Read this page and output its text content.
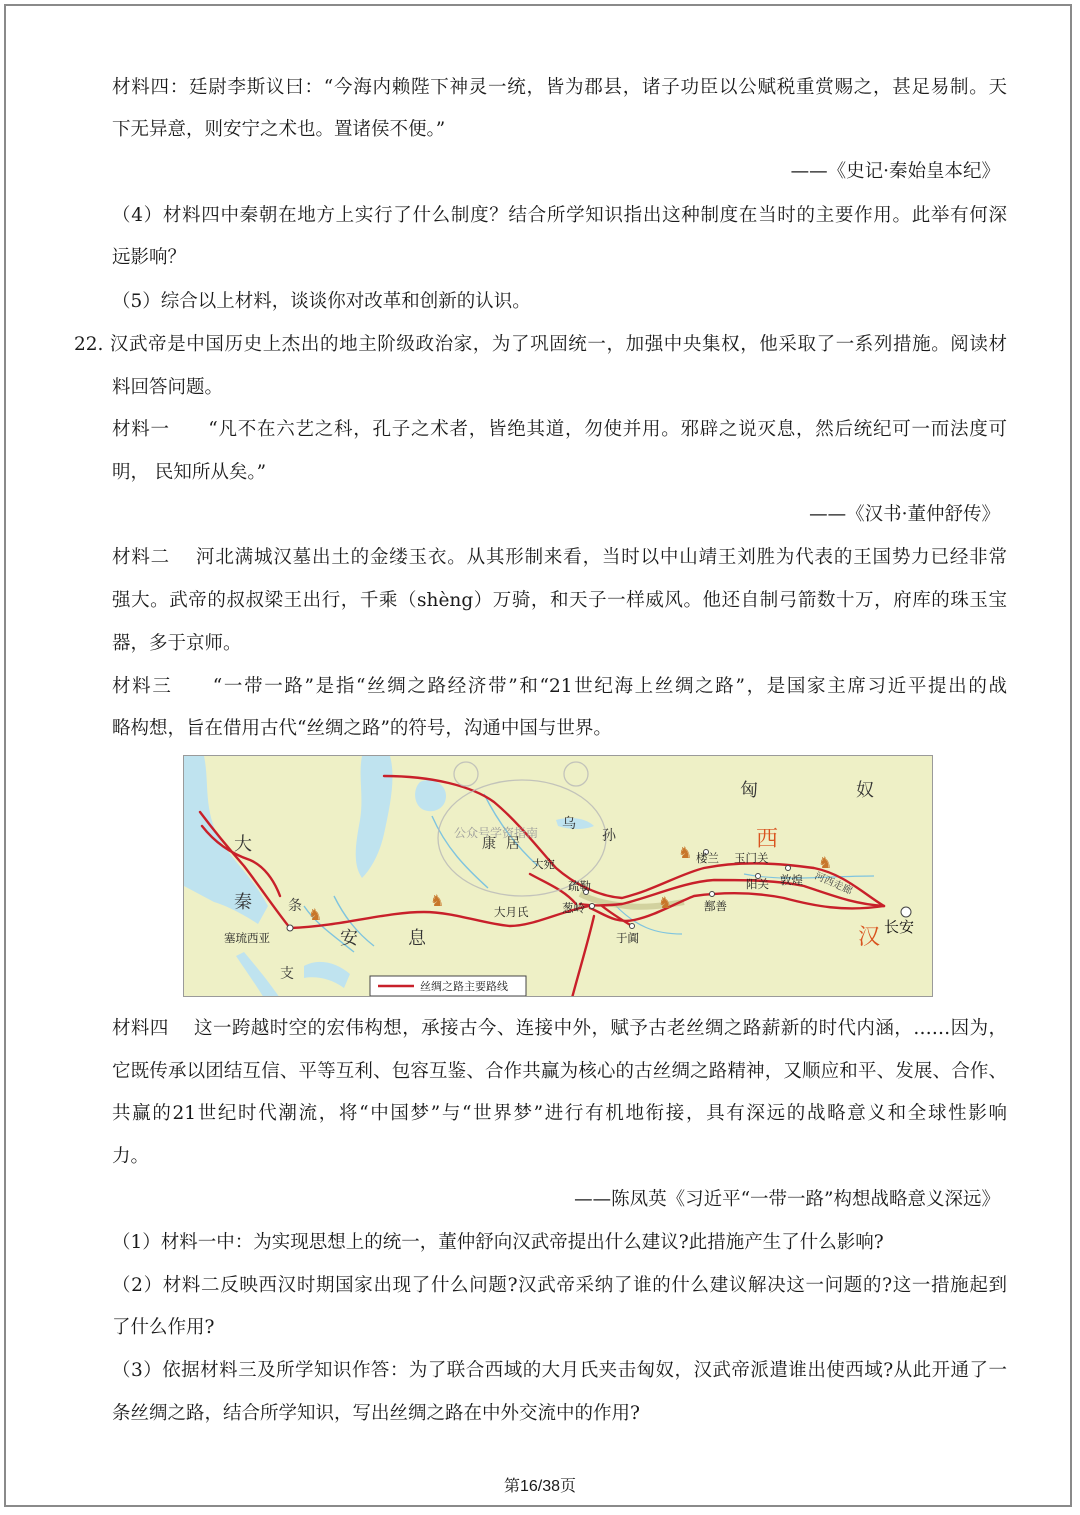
材料四：廷尉李斯议曰：“今海内赖陛下神灵一统，皆为郡县，诸子功臣以公赋税重赏赐之，甚足易制。天
下无异意，则安宁之术也。置诸侯不便。”
——《史记·秦始皇本纪》
（4）材料四中秦朝在地方上实行了什么制度？结合所学知识指出这种制度在当时的主要作用。此举有何深
远影响？
（5）综合以上材料，谈谈你对改革和创新的认识。
22. 汉武帝是中国历史上杰出的地主阶级政治家，为了巩固统一，加强中央集权，他采取了一系列措施。阅读材
料回答问题。
材料一　　“凡不在六艺之科，孔子之术者，皆绝其道，勿使并用。邪辟之说灭息，然后统纪可一而法度可
明， 民知所从矣。”
——《汉书·董仲舒传》
材料二　 河北满城汉墓出土的金缕玉衣。从其形制来看，当时以中山靖王刘胜为代表的王国势力已经非常
强大。武帝的叔叔梁王出行，千乘（shèng）万骑，和天子一样威风。他还自制弓箭数十万，府库的珠玉宝
器，多于京师。
材料三　　“一带一路”是指“丝绸之路经济带”和“21世纪海上丝绸之路”，是国家主席习近平提出的战
略构想，旨在借用古代“丝绸之路”的符号，沟通中国与世界。
公众号学资指南
♞
♞
♞
♞
♞
匈	奴
大
秦
安	息
条
支
康 居
乌
孙
塞琉西亚
大宛
疏勒
葱岭
大月氏
于阗
楼兰 玉门关
敦煌
阳关
鄯善
河西走廊
长安
西
汉
丝绸之路主要路线
材料四　 这一跨越时空的宏伟构想，承接古今、连接中外，赋予古老丝绸之路薪新的时代内涵，……因为，
它既传承以团结互信、平等互利、包容互鉴、合作共赢为核心的古丝绸之路精神，又顺应和平、发展、合作、
共赢的21世纪时代潮流，将“中国梦”与“世界梦”进行有机地衔接，具有深远的战略意义和全球性影响
力。
——陈凤英《习近平“一带一路”构想战略意义深远》
（1）材料一中：为实现思想上的统一，董仲舒向汉武帝提出什么建议?此措施产生了什么影响?
（2）材料二反映西汉时期国家出现了什么问题?汉武帝采纳了谁的什么建议解决这一问题的?这一措施起到
了什么作用?
（3）依据材料三及所学知识作答：为了联合西域的大月氏夹击匈奴，汉武帝派遣谁出使西域?从此开通了一
条丝绸之路，结合所学知识，写出丝绸之路在中外交流中的作用?
第16/38页
